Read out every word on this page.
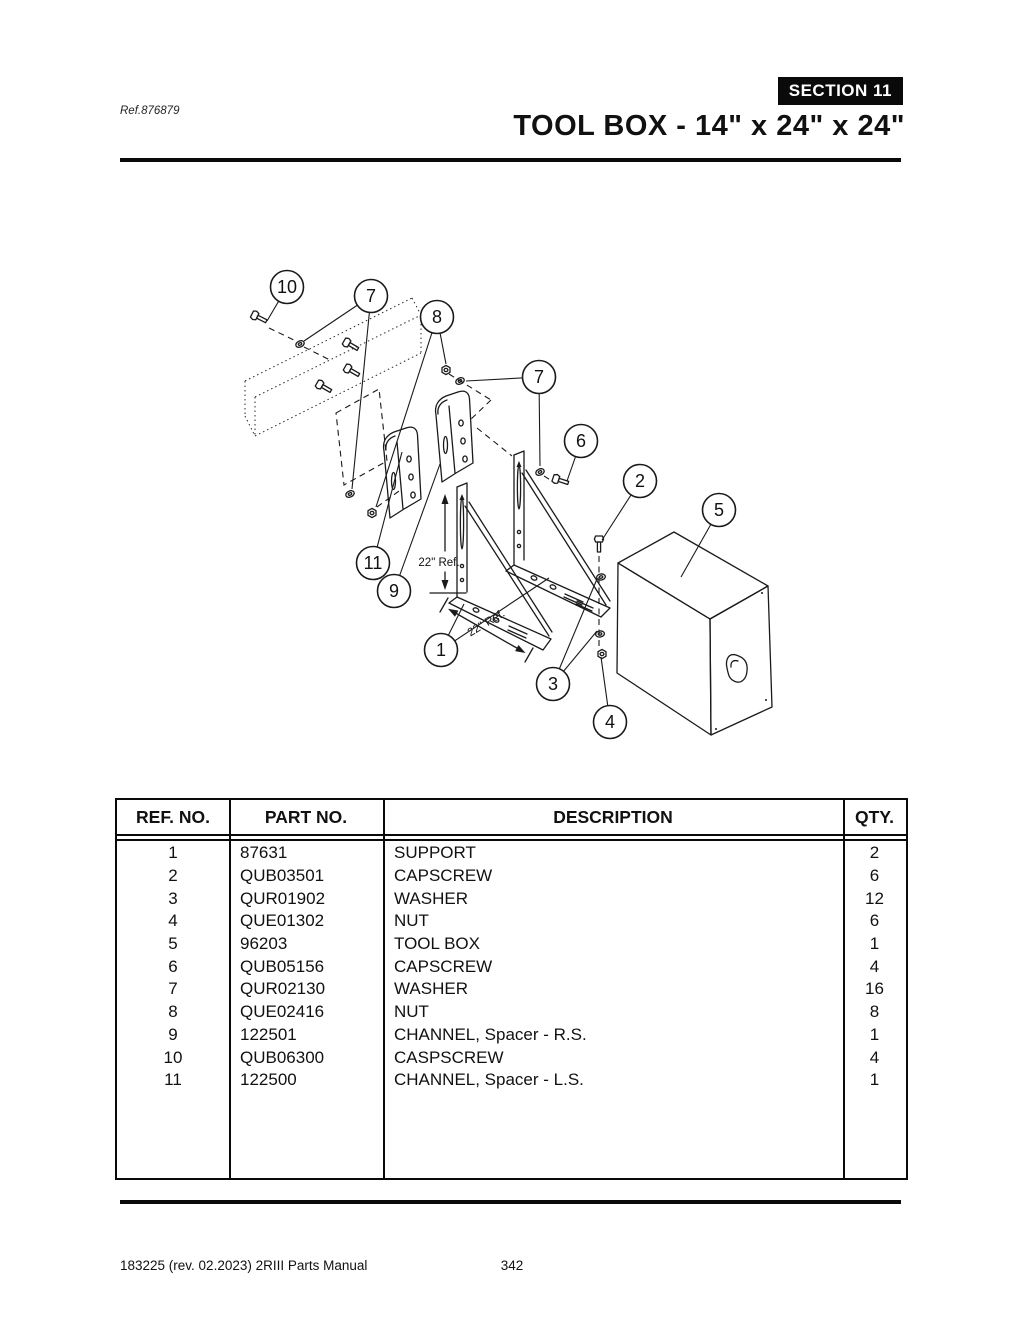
Ref.876879
SECTION 11
TOOL BOX - 14" x 24" x 24"
22" Ref.
22" Ref.
10	7
8
7
6
2
5
11
9
1
3
4
REF. NO.	PART NO.	DESCRIPTION	QTY.
1	87631	SUPPORT	2
2	QUB03501	CAPSCREW	6
3	QUR01902	WASHER	12
4	QUE01302	NUT	6
5	96203	TOOL BOX	1
6	QUB05156	CAPSCREW	4
7	QUR02130	WASHER	16
8	QUE02416	NUT	8
9	122501	CHANNEL, Spacer - R.S.	1
10	QUB06300	CASPSCREW	4
11	122500	CHANNEL, Spacer - L.S.	1
183225 (rev. 02.2023) 2RIII Parts Manual	342
